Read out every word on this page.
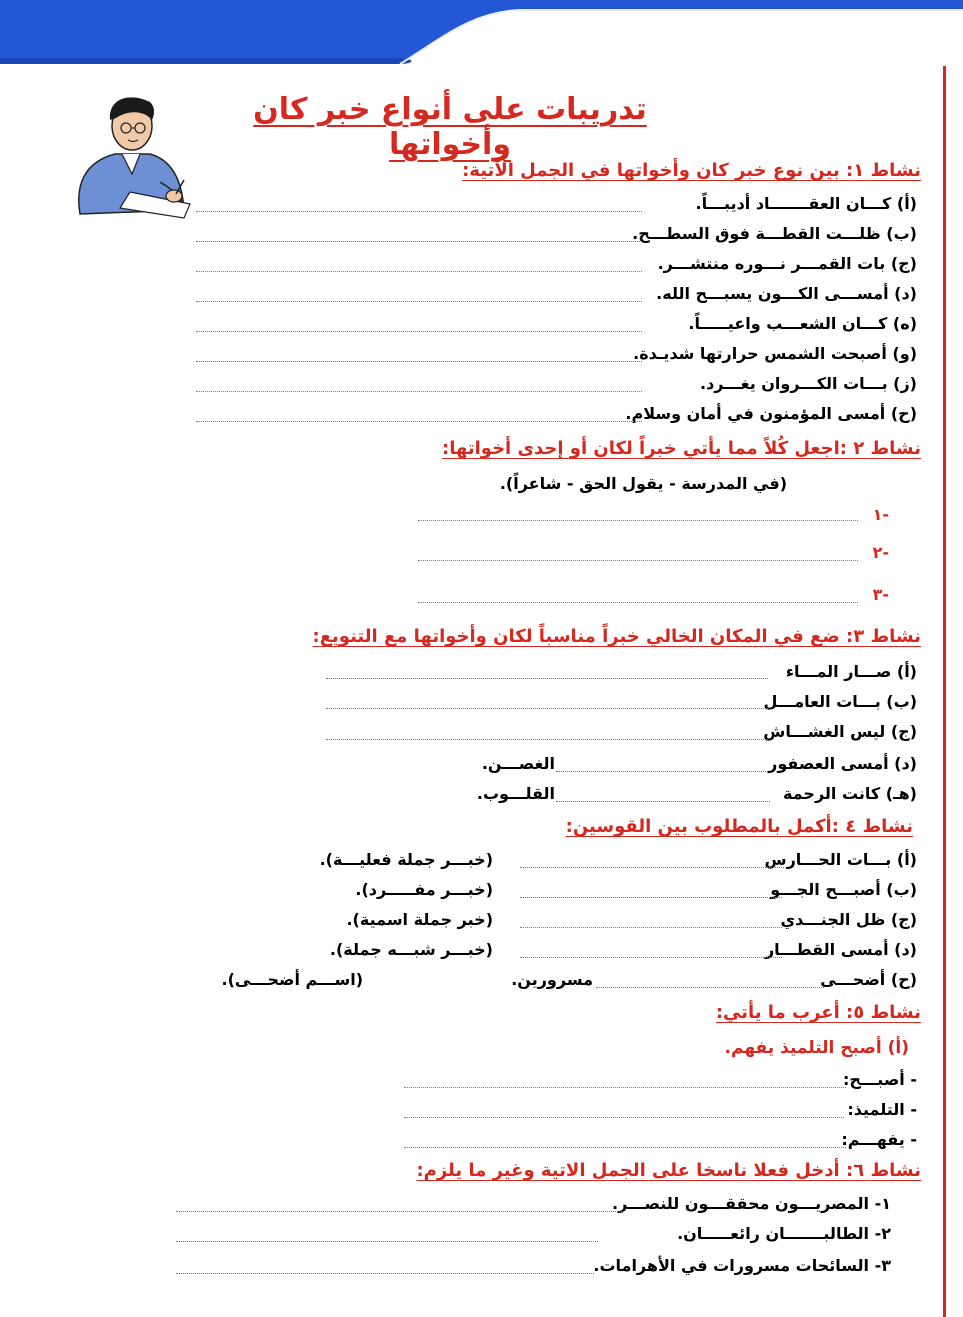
تدريبات على أنواع خبر كان وأخواتها
نشاط ١: بين نوع خبر كان وأخواتها في الجمل الآتية:
(أ) كـــان العقـــــــاد أديبـــاً.
(ب) ظلـــت القطـــة فوق السطـــح.
(ج) بات القمـــر نـــوره منتشـــر.
(د) أمســـى الكـــون يسبـــح الله.
(ه) كـــان الشعـــب واعيـــــاً.
(و) أصبحت الشمس حرارتها شديـدة.
(ز) بـــات الكـــروان يغـــرد.
(ح) أمسى المؤمنون في أمان وسلام.
نشاط ٢ :اجعل كُلاً مما يأتي خبراً لكان أو إحدى أخواتها:
(في المدرسة - يقول الحق - شاعراً).
-١
-٢
-٣
نشاط ٣: ضع في المكان الخالي خبراً مناسباً لكان وأخواتها مع التنويع:
(أ) صـــار المـــاء
(ب) بـــات العامـــل
(ج) ليس الغشـــاش
(د) أمسى العصفور
الغصـــن.
(هـ) كانت الرحمة
القلـــوب.
نشاط ٤ :أكمل بالمطلوب بين القوسين:
(أ) بـــات الحـــارس
(خبـــر جملة فعليـــة).
(ب) أصبـــح الجـــو
(خبـــر مفـــــرد).
(ج) ظل الجنـــدي
(خبر جملة اسمية).
(د) أمسى القطـــار
(خبـــر شبـــه جملة).
(ح) أضحـــى
مسرورين.
(اســـم أضحـــى).
نشاط ٥: أعرب ما يأتي:
(أ) أصبح التلميذ يفهم.
- أصبـــح:
- التلميذ:
- يفهـــم:
نشاط ٦: أدخل فعلا ناسخا على الجمل الاتية وغير ما يلزم:
١- المصريـــون محققـــون للنصـــر.
٢- الطالبـــــــان رائعـــــان.
٣- السائحات مسرورات في الأهرامات.
